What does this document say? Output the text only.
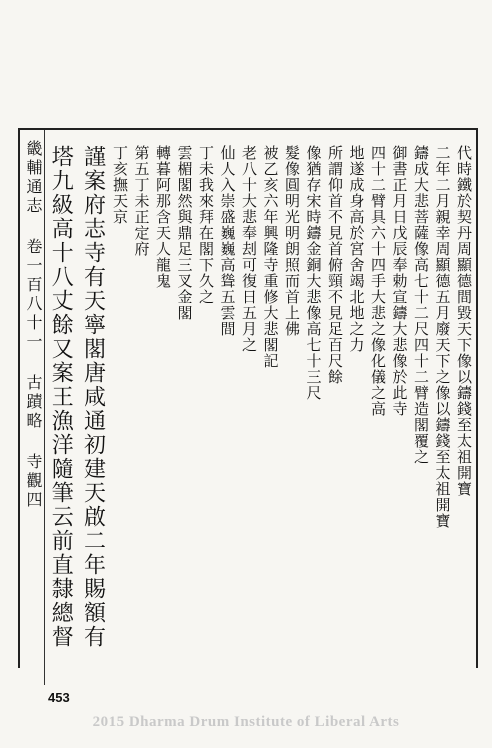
畿輔通志 卷一百八十一 古蹟略 寺觀四	代時鐵於契丹周顯德間毀天下像以鑄錢至太祖開寶
二年二月親幸周顯德五月廢天下之像以鑄錢至太祖開寶
鑄成大悲菩薩像高七十二尺四十二臂造閣覆之
御書正月日戊辰奉勅宣鑄大悲像於此寺
四十二臂具六十四手大悲之像化儀之高
地遂成身高於宮舍竭北地之力
所謂仰首不見首俯頸不見足百尺餘
像猶存宋時鑄金銅大悲像高七十三尺
髮像圓明光明朗照而首上佛
被乙亥六年興隆寺重修大悲閣記
老八十大悲奉刦可復日五月之
仙人入崇盛巍巍高聳五雲間
丁未我來拜在閣下久之
雲楣閣然與鼎足三叉金閣
轉暮阿那含天人龍鬼
第五丁未正定府
丁亥撫天京
謹案府志寺有天寧閣唐咸通初建天啟二年賜額有
塔九級高十八丈餘又案王漁洋隨筆云前直隸總督
453
2015 Dharma Drum Institute of Liberal Arts
